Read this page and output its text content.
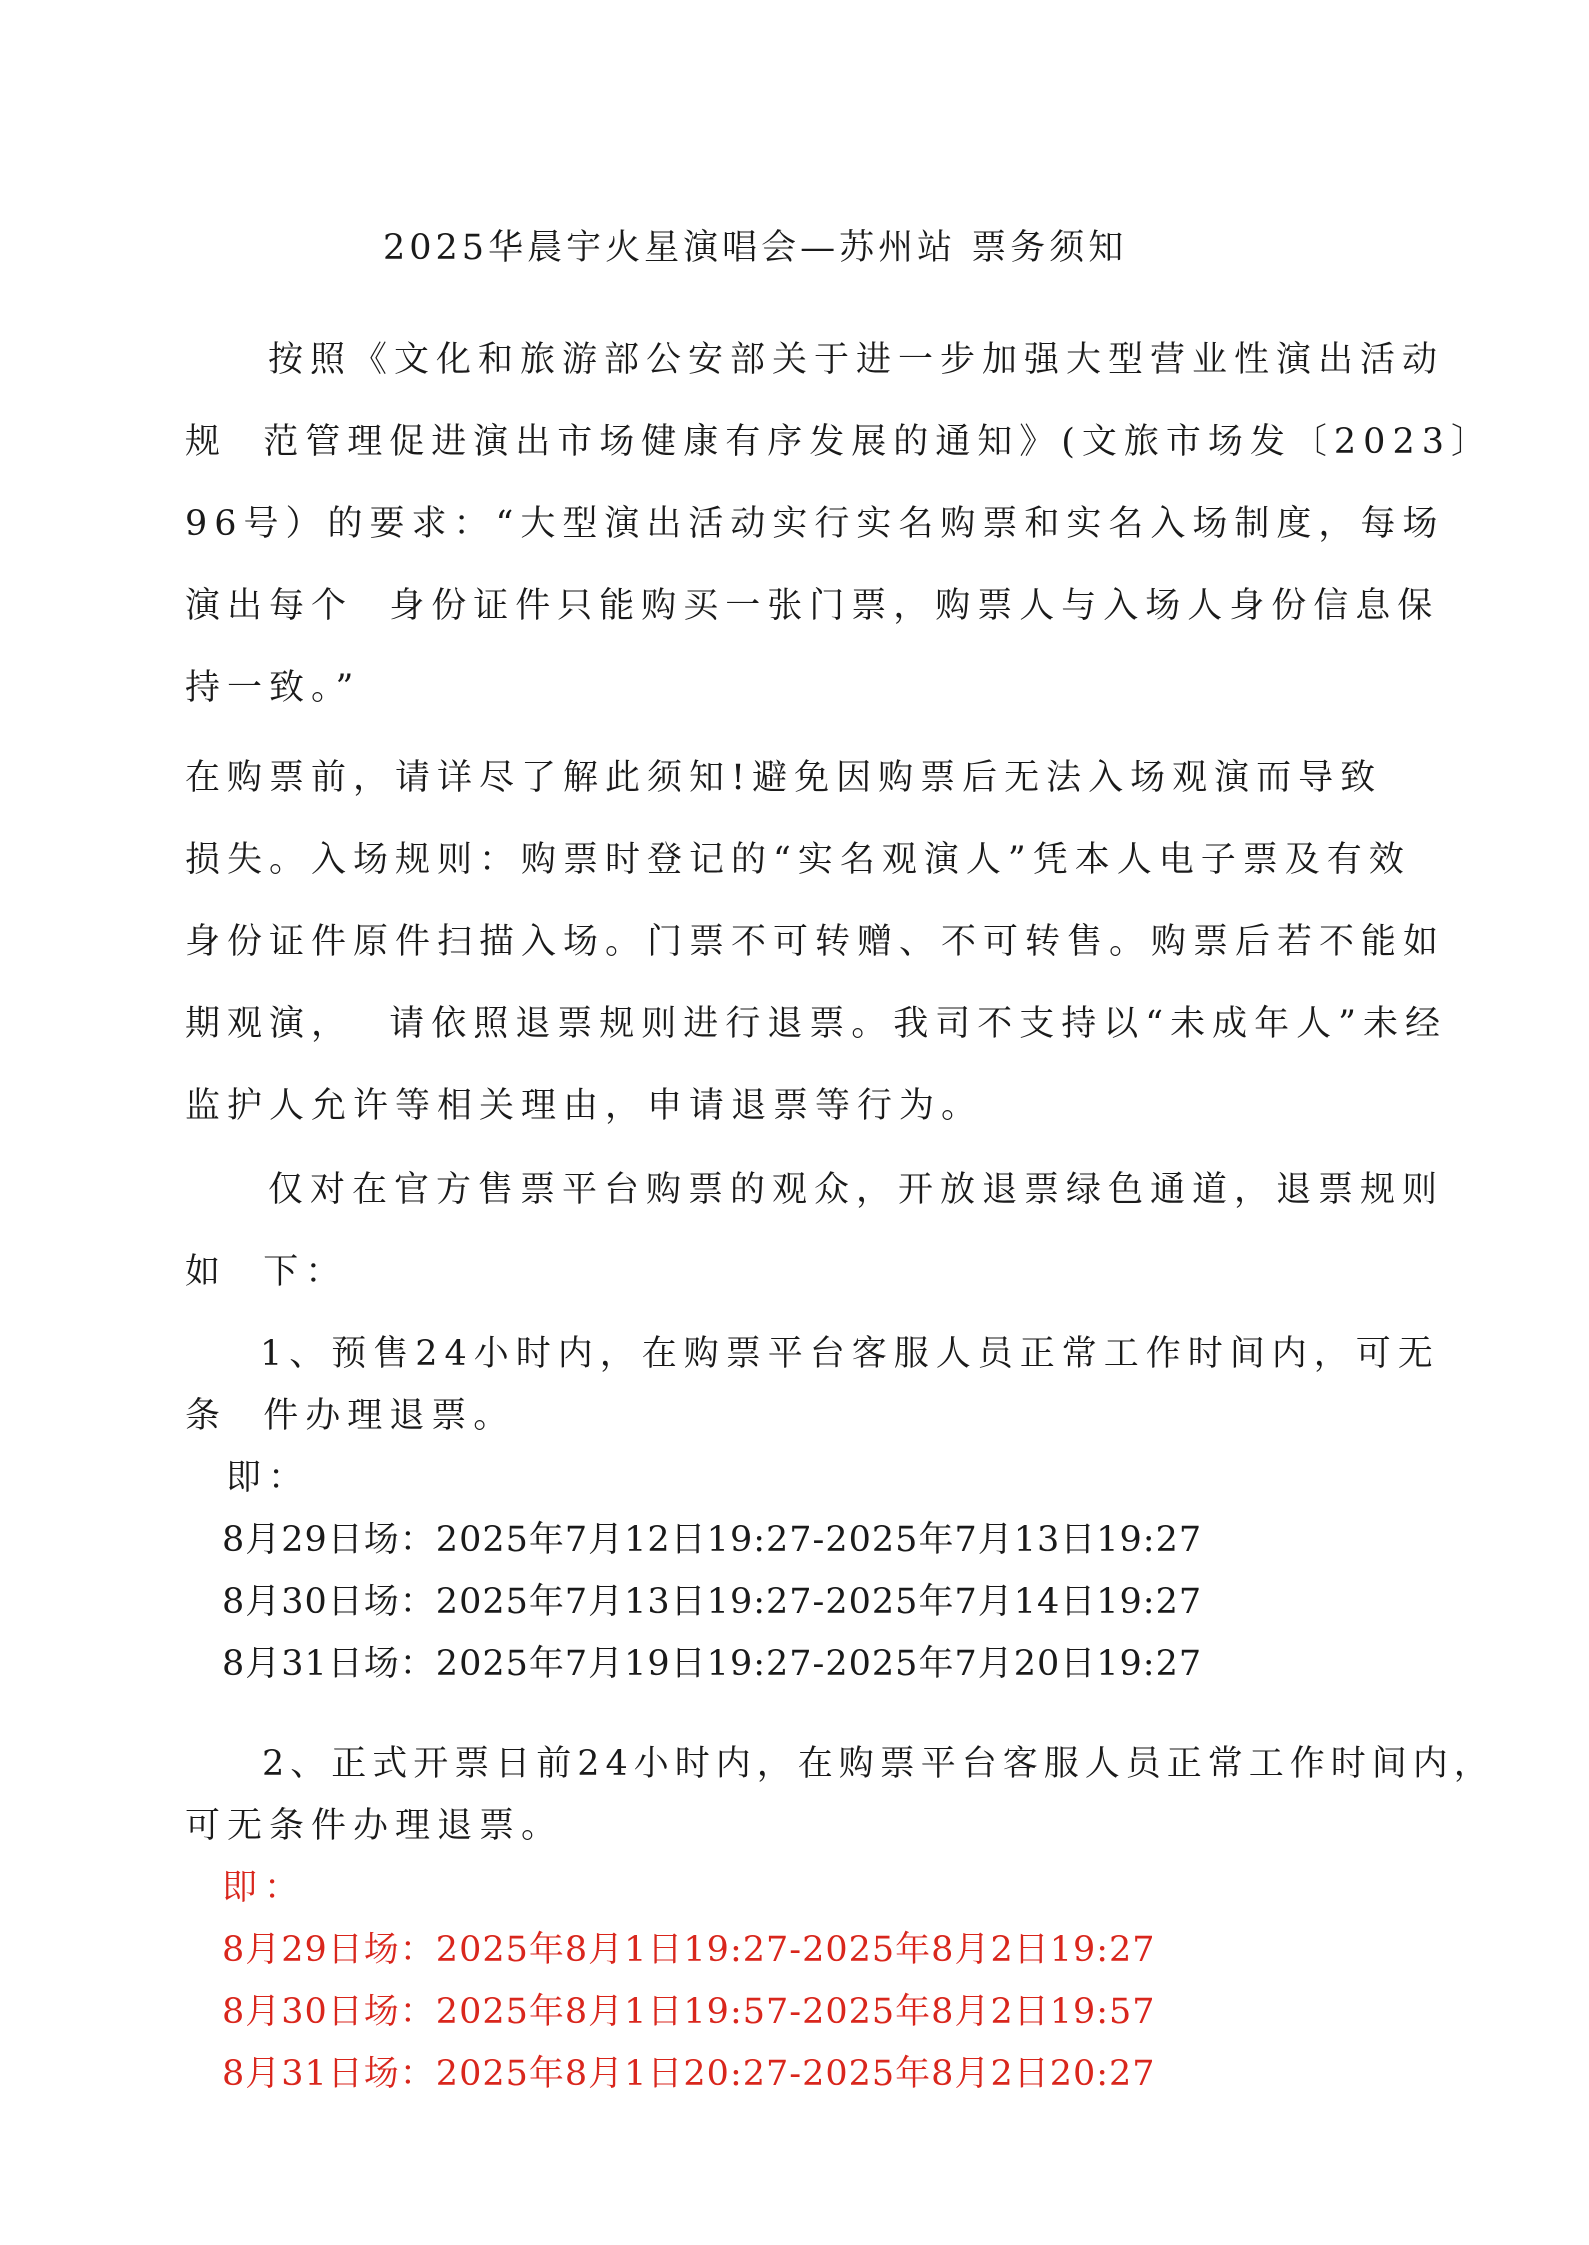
2025华晨宇火星演唱会—苏州站 票务须知
按照《文化和旅游部公安部关于进一步加强大型营业性演出活动
规  范管理促进演出市场健康有序发展的通知》(文旅市场发〔2023〕
96号）的要求：“大型演出活动实行实名购票和实名入场制度，每场
演出每个  身份证件只能购买一张门票，购票人与入场人身份信息保
持一致。”
在购票前，请详尽了解此须知!避免因购票后无法入场观演而导致
损失。入场规则：购票时登记的“实名观演人”凭本人电子票及有效
身份证件原件扫描入场。门票不可转赠、不可转售。购票后若不能如
期观演，  请依照退票规则进行退票。我司不支持以“未成年人”未经
监护人允许等相关理由，申请退票等行为。
仅对在官方售票平台购票的观众，开放退票绿色通道，退票规则
如  下：
1、预售24小时内，在购票平台客服人员正常工作时间内，可无
条  件办理退票。
即：
8月29日场：2025年7月12日19:27-2025年7月13日19:27
8月30日场：2025年7月13日19:27-2025年7月14日19:27
8月31日场：2025年7月19日19:27-2025年7月20日19:27
2、正式开票日前24小时内，在购票平台客服人员正常工作时间内，
可无条件办理退票。
即：
8月29日场：2025年8月1日19:27-2025年8月2日19:27
8月30日场：2025年8月1日19:57-2025年8月2日19:57
8月31日场：2025年8月1日20:27-2025年8月2日20:27
